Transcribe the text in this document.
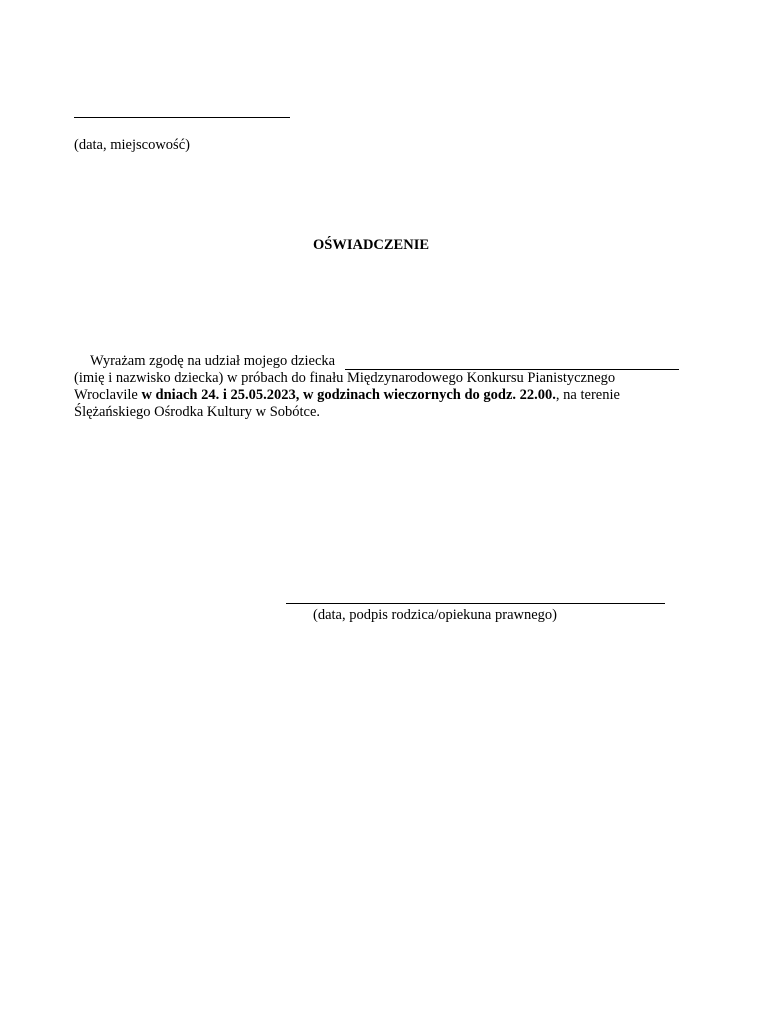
(data, miejscowość)
OŚWIADCZENIE
Wyrażam zgodę na udział mojego dziecka
(imię i nazwisko dziecka) w próbach do finału Międzynarodowego Konkursu Pianistycznego
Wroclavile w dniach 24. i 25.05.2023, w godzinach wieczornych do godz. 22.00., na terenie
Ślężańskiego Ośrodka Kultury w Sobótce.
(data, podpis rodzica/opiekuna prawnego)
